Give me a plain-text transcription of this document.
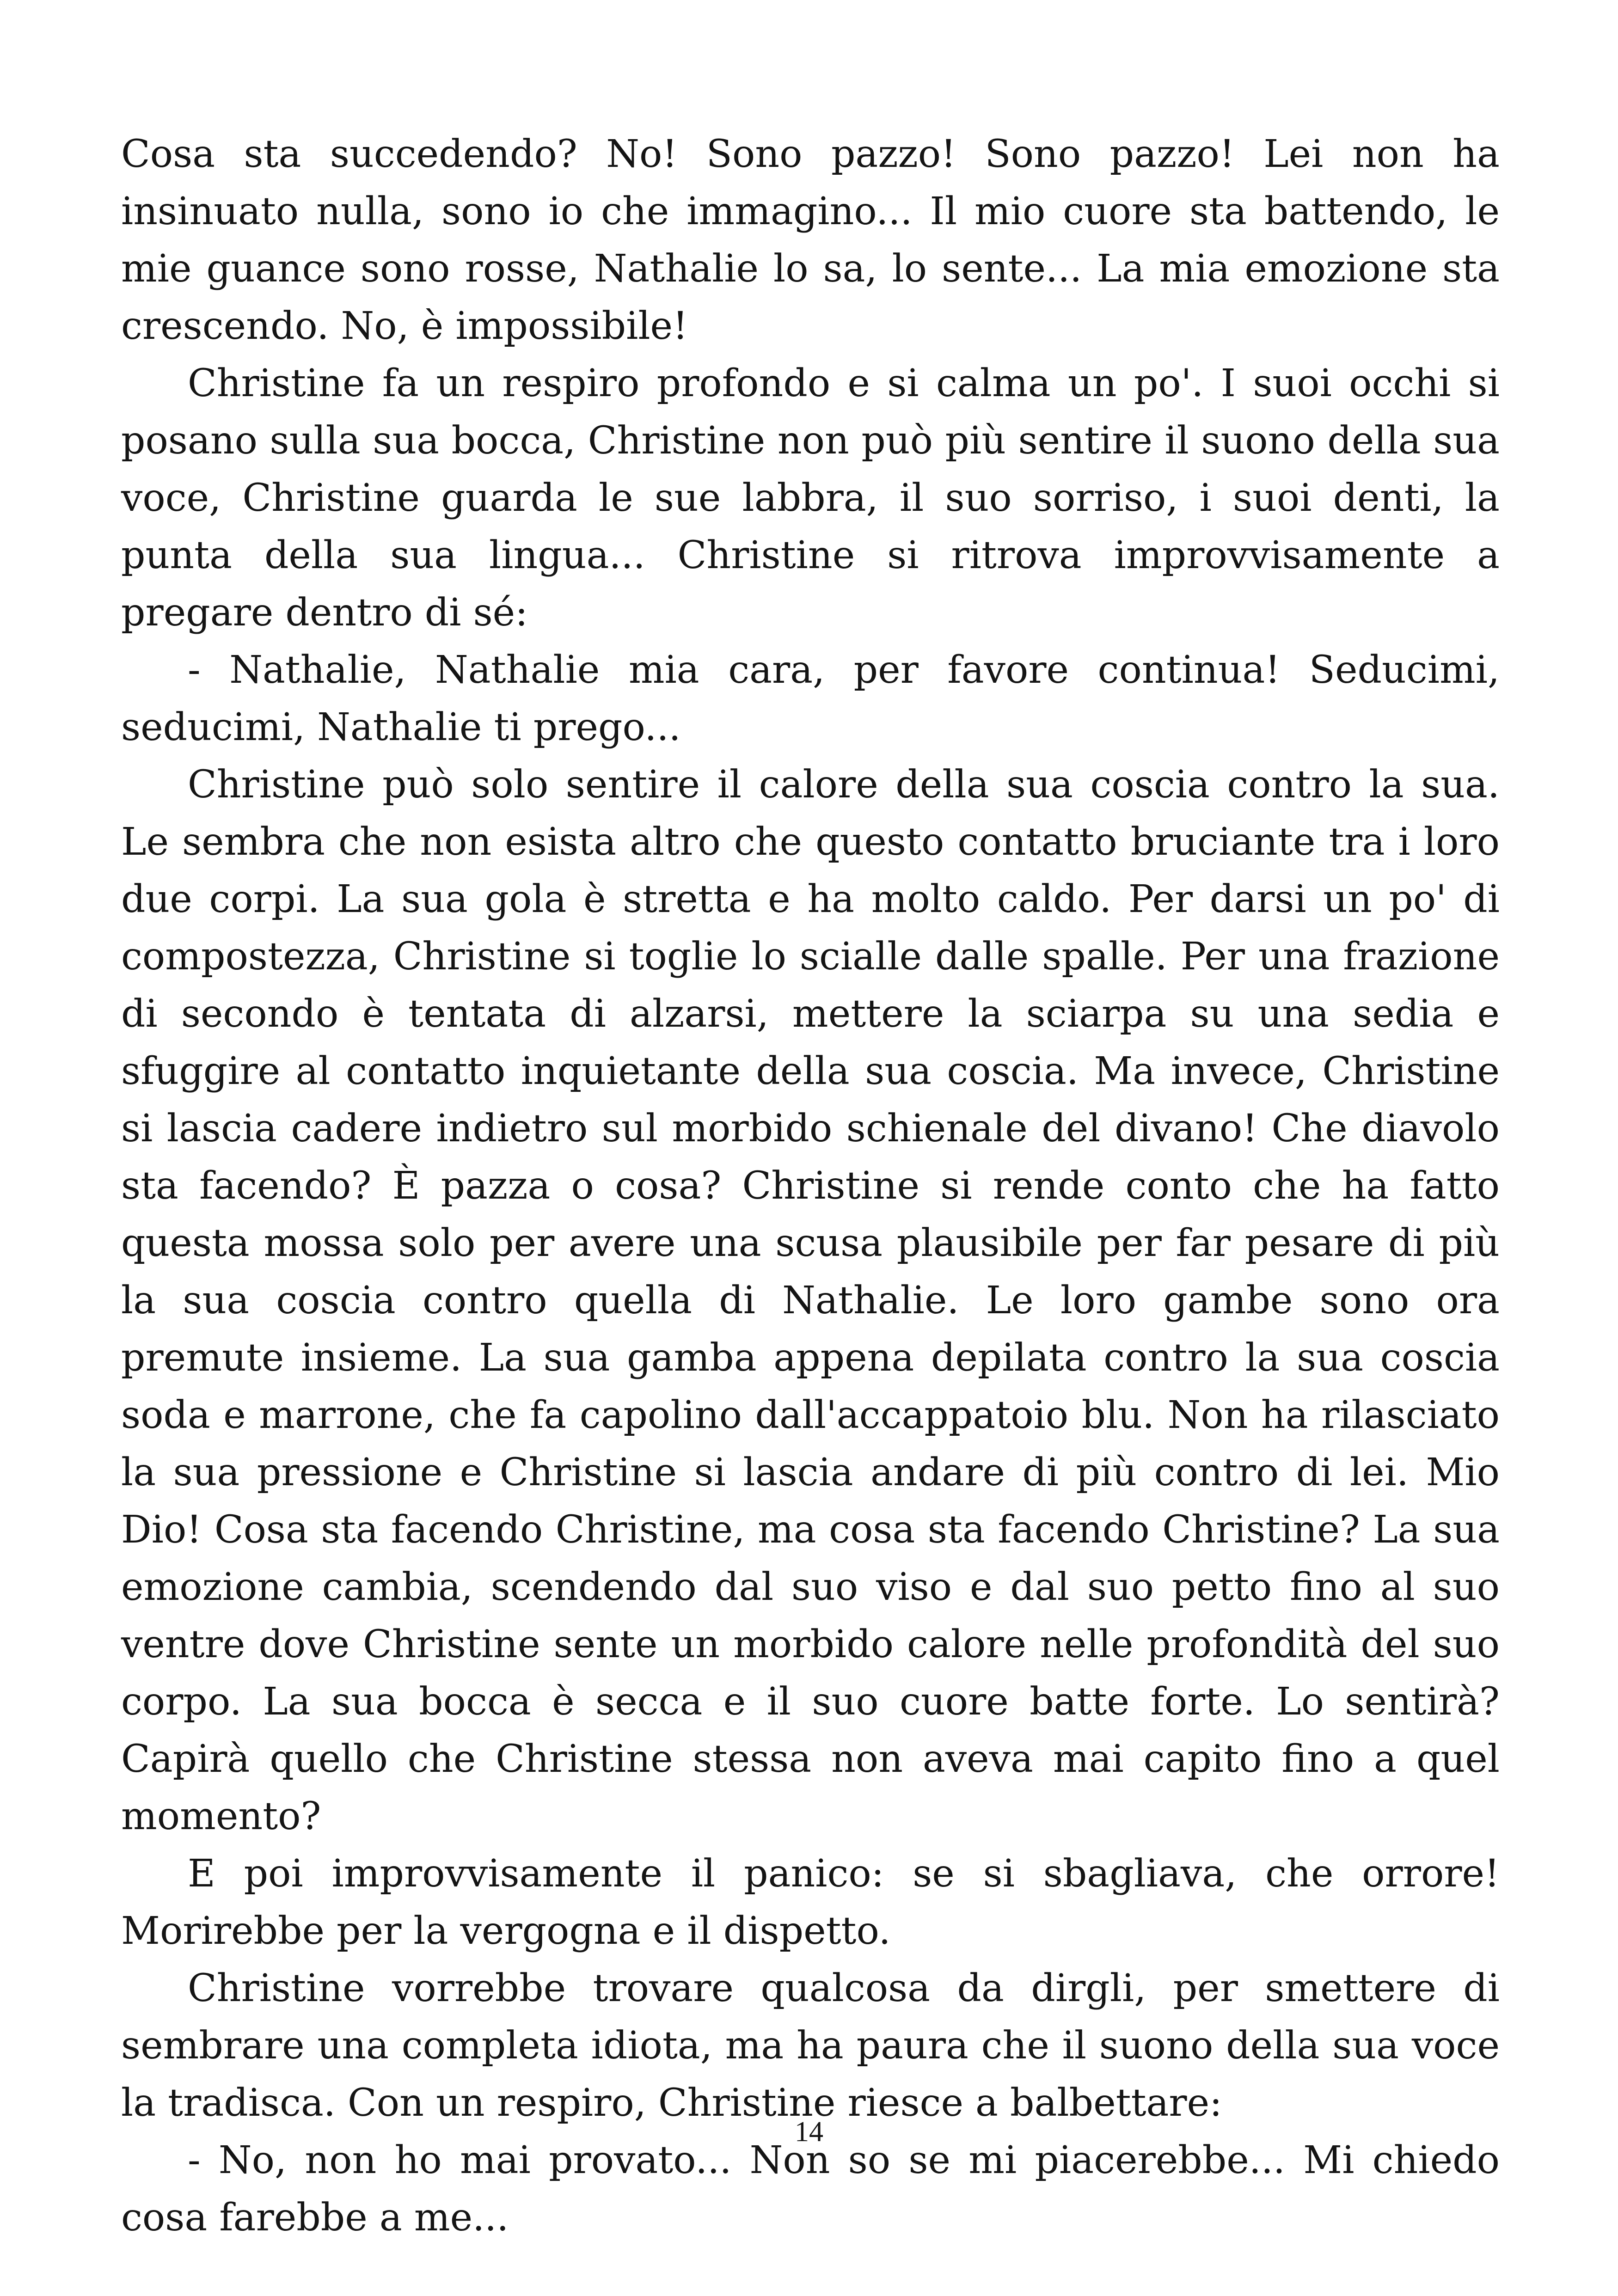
Cosa sta succedendo? No! Sono pazzo! Sono pazzo! Lei non ha insinuato nulla, sono io che immagino... Il mio cuore sta battendo, le mie guance sono rosse, Nathalie lo sa, lo sente... La mia emozione sta crescendo. No, è impossibile!

Christine fa un respiro profondo e si calma un po'. I suoi occhi si posano sulla sua bocca, Christine non può più sentire il suono della sua voce, Christine guarda le sue labbra, il suo sorriso, i suoi denti, la punta della sua lingua... Christine si ritrova improvvisamente a pregare dentro di sé:

- Nathalie, Nathalie mia cara, per favore continua! Seducimi, seducimi, Nathalie ti prego...

Christine può solo sentire il calore della sua coscia contro la sua. Le sembra che non esista altro che questo contatto bruciante tra i loro due corpi. La sua gola è stretta e ha molto caldo. Per darsi un po' di compostezza, Christine si toglie lo scialle dalle spalle. Per una frazione di secondo è tentata di alzarsi, mettere la sciarpa su una sedia e sfuggire al contatto inquietante della sua coscia. Ma invece, Christine si lascia cadere indietro sul morbido schienale del divano! Che diavolo sta facendo? È pazza o cosa? Christine si rende conto che ha fatto questa mossa solo per avere una scusa plausibile per far pesare di più la sua coscia contro quella di Nathalie. Le loro gambe sono ora premute insieme. La sua gamba appena depilata contro la sua coscia soda e marrone, che fa capolino dall'accappatoio blu. Non ha rilasciato la sua pressione e Christine si lascia andare di più contro di lei. Mio Dio! Cosa sta facendo Christine, ma cosa sta facendo Christine? La sua emozione cambia, scendendo dal suo viso e dal suo petto fino al suo ventre dove Christine sente un morbido calore nelle profondità del suo corpo. La sua bocca è secca e il suo cuore batte forte. Lo sentirà? Capirà quello che Christine stessa non aveva mai capito fino a quel momento?

E poi improvvisamente il panico: se si sbagliava, che orrore! Morirebbe per la vergogna e il dispetto.

Christine vorrebbe trovare qualcosa da dirgli, per smettere di sembrare una completa idiota, ma ha paura che il suono della sua voce la tradisca. Con un respiro, Christine riesce a balbettare:

- No, non ho mai provato... Non so se mi piacerebbe... Mi chiedo cosa farebbe a me...

14
